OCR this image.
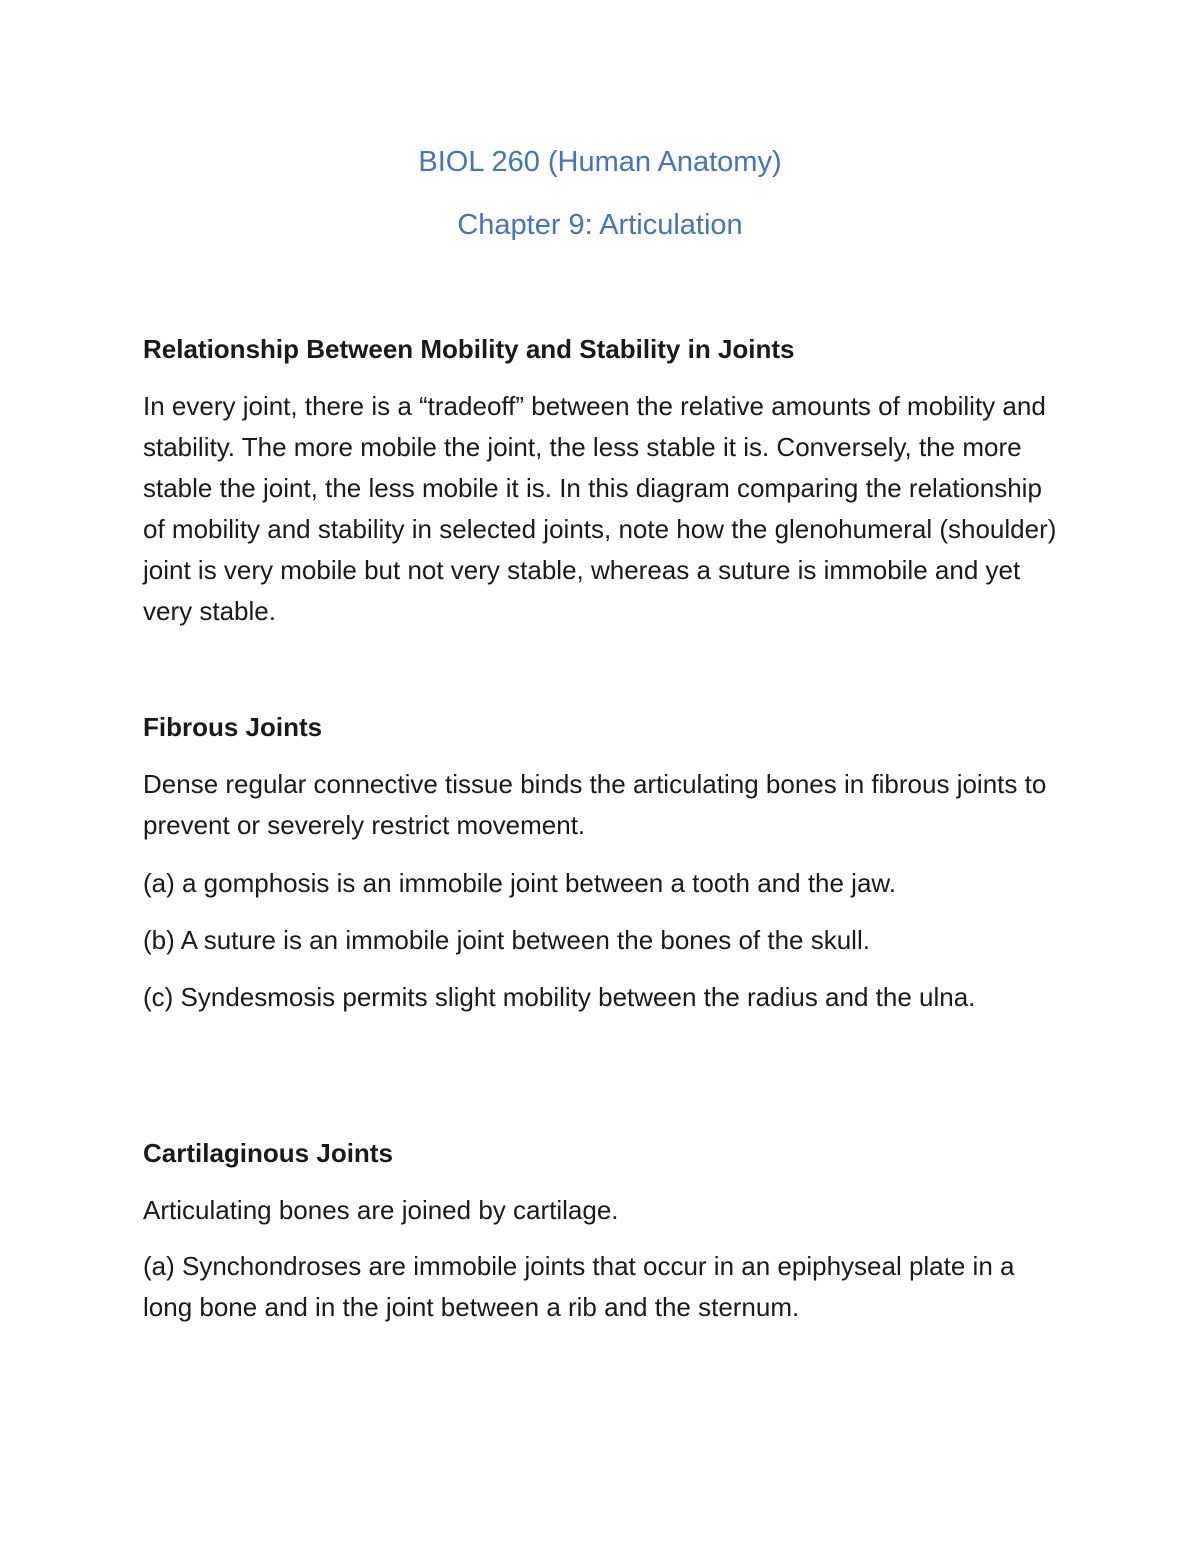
BIOL 260 (Human Anatomy)
Chapter 9: Articulation
Relationship Between Mobility and Stability in Joints

In every joint, there is a “tradeoff” between the relative amounts of mobility and stability. The more mobile the joint, the less stable it is. Conversely, the more stable the joint, the less mobile it is. In this diagram comparing the relationship of mobility and stability in selected joints, note how the glenohumeral (shoulder) joint is very mobile but not very stable, whereas a suture is immobile and yet very stable.

Fibrous Joints

Dense regular connective tissue binds the articulating bones in fibrous joints to prevent or severely restrict movement.

(a) a gomphosis is an immobile joint between a tooth and the jaw.

(b) A suture is an immobile joint between the bones of the skull.

(c) Syndesmosis permits slight mobility between the radius and the ulna.

Cartilaginous Joints

Articulating bones are joined by cartilage.

(a) Synchondroses are immobile joints that occur in an epiphyseal plate in a long bone and in the joint between a rib and the sternum.
